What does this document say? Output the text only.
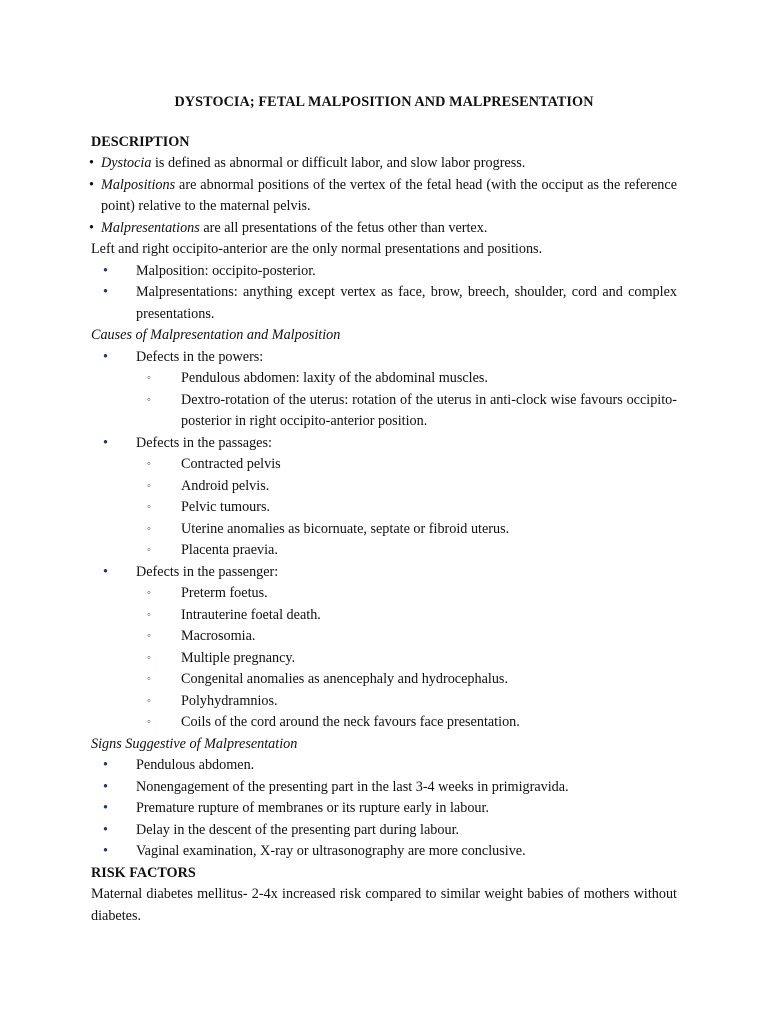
DYSTOCIA; FETAL MALPOSITION AND MALPRESENTATION
DESCRIPTION
• Dystocia is defined as abnormal or difficult labor, and slow labor progress.
• Malpositions are abnormal positions of the vertex of the fetal head (with the occiput as the reference point) relative to the maternal pelvis.
• Malpresentations are all presentations of the fetus other than vertex.
Left and right occipito-anterior are the only normal presentations and positions.
• Malposition: occipito-posterior.
• Malpresentations: anything except vertex as face, brow, breech, shoulder, cord and complex presentations.
Causes of Malpresentation and Malposition
• Defects in the powers:
◦ Pendulous abdomen: laxity of the abdominal muscles.
◦ Dextro-rotation of the uterus: rotation of the uterus in anti-clock wise favours occipito-posterior in right occipito-anterior position.
• Defects in the passages:
◦ Contracted pelvis
◦ Android pelvis.
◦ Pelvic tumours.
◦ Uterine anomalies as bicornuate, septate or fibroid uterus.
◦ Placenta praevia.
• Defects in the passenger:
◦ Preterm foetus.
◦ Intrauterine foetal death.
◦ Macrosomia.
◦ Multiple pregnancy.
◦ Congenital anomalies as anencephaly and hydrocephalus.
◦ Polyhydramnios.
◦ Coils of the cord around the neck favours face presentation.
Signs Suggestive of Malpresentation
• Pendulous abdomen.
• Nonengagement of the presenting part in the last 3-4 weeks in primigravida.
• Premature rupture of membranes or its rupture early in labour.
• Delay in the descent of the presenting part during labour.
• Vaginal examination, X-ray or ultrasonography are more conclusive.
RISK FACTORS
Maternal diabetes mellitus- 2-4x increased risk compared to similar weight babies of mothers without diabetes.
